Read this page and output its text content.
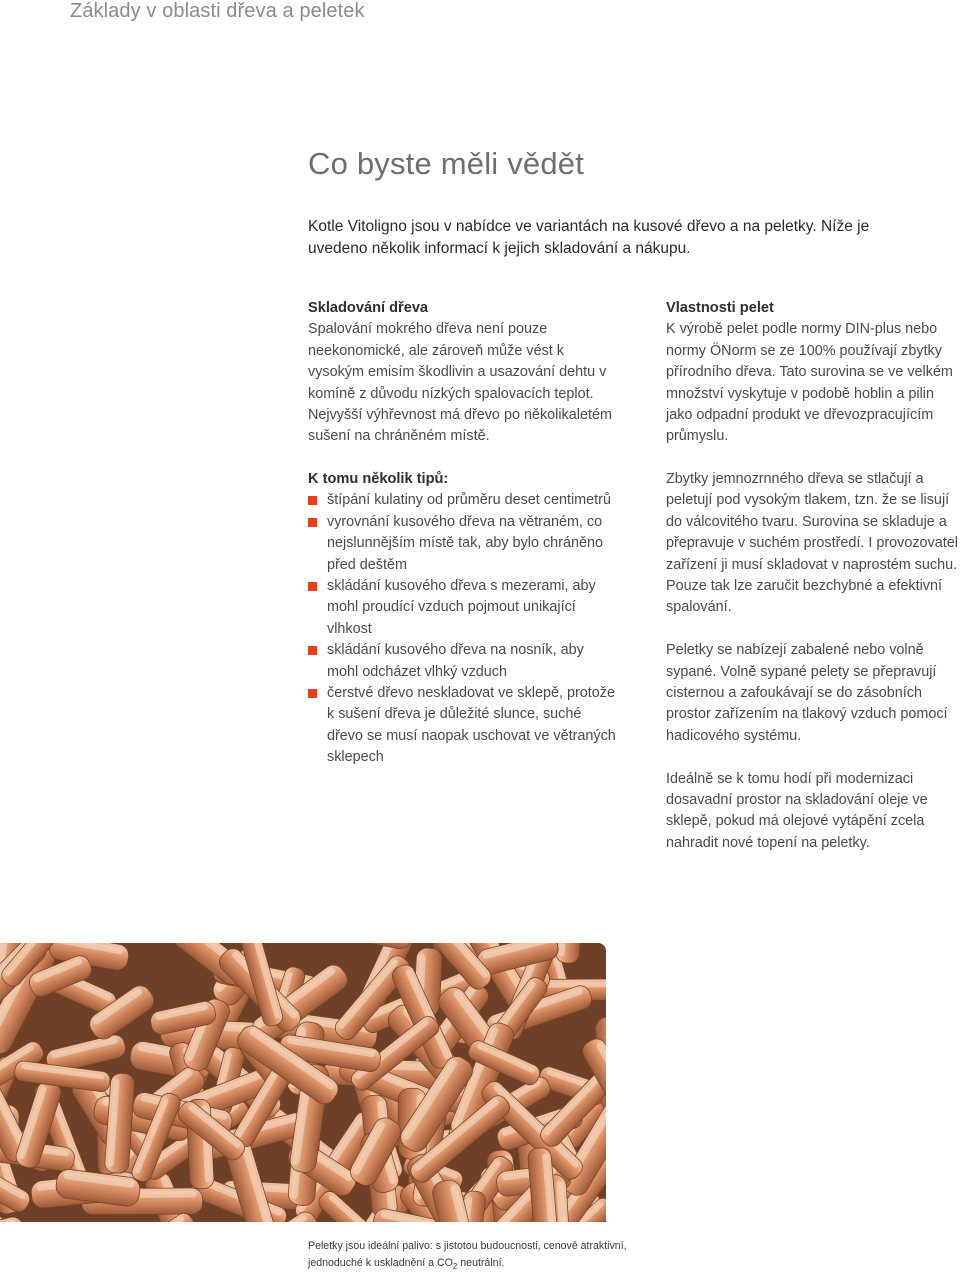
Základy v oblasti dřeva a peletek
Co byste měli vědět

Kotle Vitoligno jsou v nabídce ve variantách na kusové dřevo a na peletky. Níže je uvedeno několik informací k jejich skladování a nákupu.

Skladování dřeva

Spalování mokrého dřeva není pouze neekonomické, ale zároveň může vést k vysokým emisím škodlivin a usazování dehtu v komíně z důvodu nízkých spalovacích teplot. Nejvyšší výhřevnost má dřevo po několikaletém sušení na chráněném místě.

Vlastnosti pelet

K výrobě pelet podle normy DIN-plus nebo normy ÖNorm se ze 100% používají zbytky přírodního dřeva. Tato surovina se ve velkém množství vyskytuje v podobě hoblin a pilin jako odpadní produkt ve dřevozpracujícím průmyslu.

K tomu několik tipů:
štípání kulatiny od průměru deset centimetrů
vyrovnání kusového dřeva na větraném, co nejslunnějším místě tak, aby bylo chráněno před deštěm
skládání kusového dřeva s mezerami, aby mohl proudící vzduch pojmout unikající vlhkost
skládání kusového dřeva na nosník, aby mohl odcházet vlhký vzduch
čerstvé dřevo neskladovat ve sklepě, protože k sušení dřeva je důležité slunce, suché dřevo se musí naopak uschovat ve větraných sklepech

Zbytky jemnozrnného dřeva se stlačují a peletují pod vysokým tlakem, tzn. že se lisují do válcovitého tvaru. Surovina se skladuje a přepravuje v suchém prostředí. I provozovatel zařízení ji musí skladovat v naprostém suchu. Pouze tak lze zaručit bezchybné a efektivní spalování.

Peletky se nabízejí zabalené nebo volně sypané. Volně sypané pelety se přepravují cisternou a zafoukávají se do zásobních prostor zařízením na tlakový vzduch pomocí hadicového systému.

Ideálně se k tomu hodí při modernizaci dosavadní prostor na skladování oleje ve sklepě, pokud má olejové vytápění zcela nahradit nové topení na peletky.

Peletky jsou ideální palivo: s jistotou budoucnosti, cenově atraktivní, jednoduché k uskladnění a $CO_2$ neutrální.
